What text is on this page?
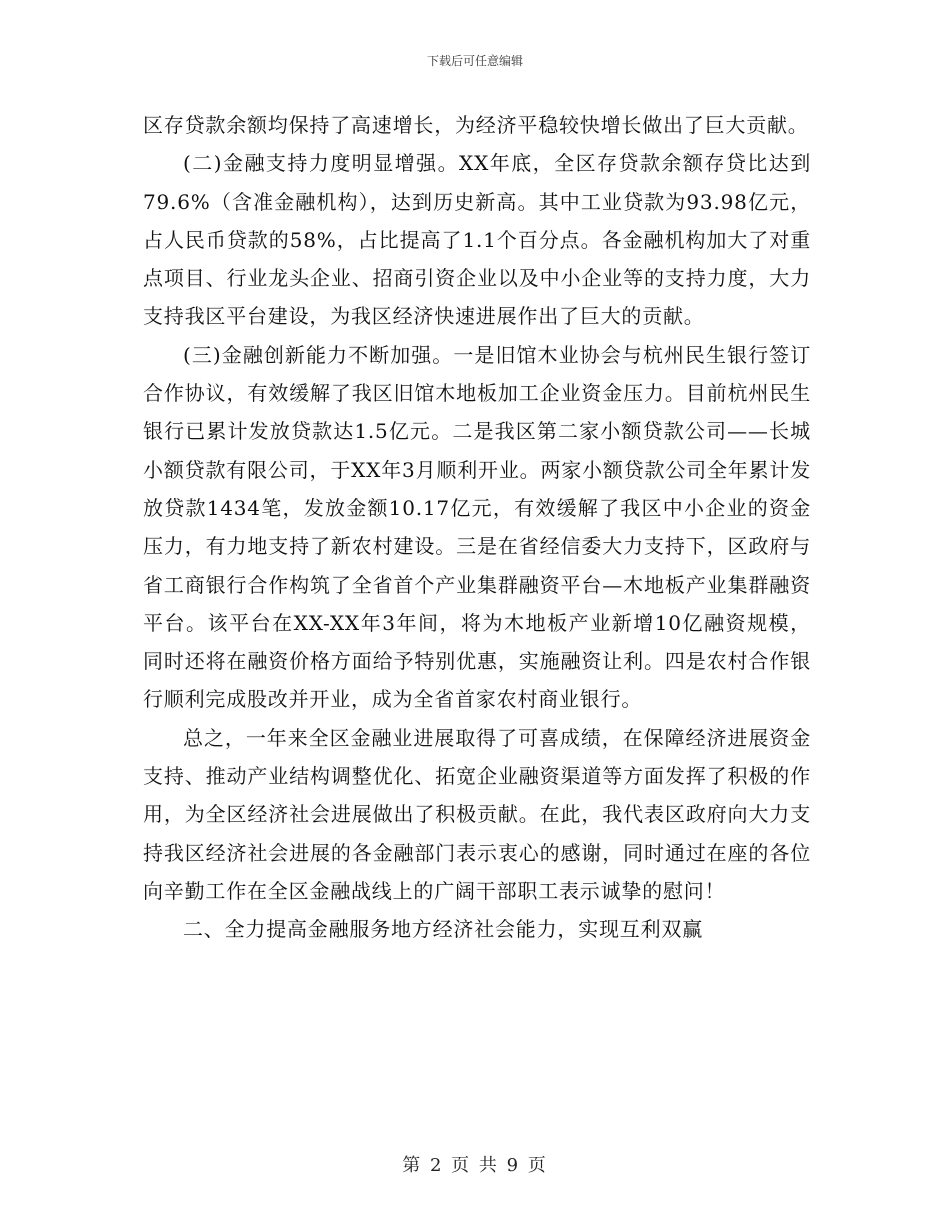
下载后可任意编辑

区存贷款余额均保持了高速增长，为经济平稳较快增长做出了巨大贡献。

(二)金融支持力度明显增强。XX年底，全区存贷款余额存贷比达到79.6%（含准金融机构），达到历史新高。其中工业贷款为93.98亿元，占人民币贷款的58%，占比提高了1.1个百分点。各金融机构加大了对重点项目、行业龙头企业、招商引资企业以及中小企业等的支持力度，大力支持我区平台建设，为我区经济快速进展作出了巨大的贡献。

(三)金融创新能力不断加强。一是旧馆木业协会与杭州民生银行签订合作协议，有效缓解了我区旧馆木地板加工企业资金压力。目前杭州民生银行已累计发放贷款达1.5亿元。二是我区第二家小额贷款公司——长城小额贷款有限公司，于XX年3月顺利开业。两家小额贷款公司全年累计发放贷款1434笔，发放金额10.17亿元，有效缓解了我区中小企业的资金压力，有力地支持了新农村建设。三是在省经信委大力支持下，区政府与省工商银行合作构筑了全省首个产业集群融资平台—木地板产业集群融资平台。该平台在XX-XX年3年间，将为木地板产业新增10亿融资规模，同时还将在融资价格方面给予特别优惠，实施融资让利。四是农村合作银行顺利完成股改并开业，成为全省首家农村商业银行。

总之，一年来全区金融业进展取得了可喜成绩，在保障经济进展资金支持、推动产业结构调整优化、拓宽企业融资渠道等方面发挥了积极的作用，为全区经济社会进展做出了积极贡献。在此，我代表区政府向大力支持我区经济社会进展的各金融部门表示衷心的感谢，同时通过在座的各位向辛勤工作在全区金融战线上的广阔干部职工表示诚挚的慰问！

二、全力提高金融服务地方经济社会能力，实现互利双赢

第 2 页 共 9 页
